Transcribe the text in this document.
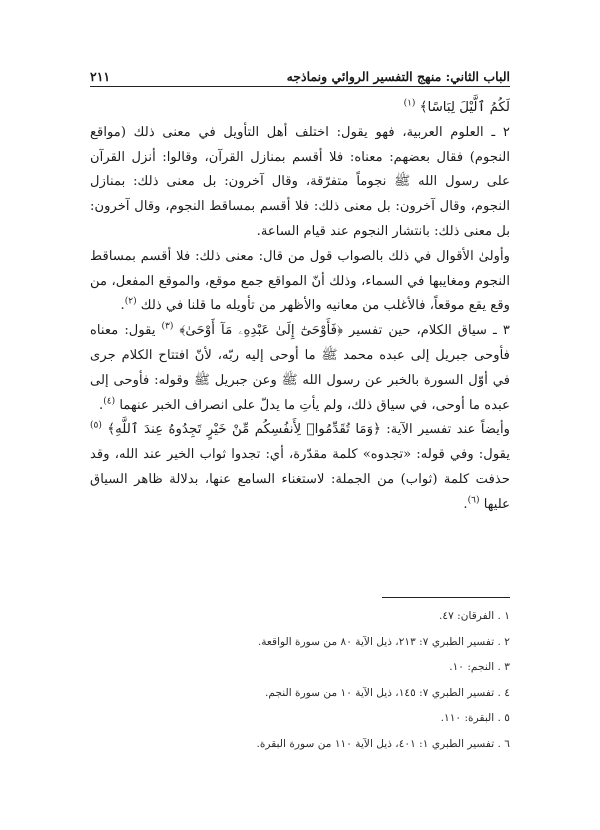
الباب الثاني: منهج التفسير الروائي ونماذجه
٢١١

لَكُمُ ٱلَّيْلَ لِبَاسًا﴾ $^{(١)}$

٢ ـ العلوم العربية، فهو يقول: اختلف أهل التأويل في معنى ذلك (مواقع النجوم) فقال بعضهم: معناه: فلا أقسم بمنازل القرآن، وقالوا: أنزل القرآن على رسول الله ﷺ نجوماً متفرّقة، وقال آخرون: بل معنى ذلك: بمنازل النجوم، وقال آخرون: بل معنى ذلك: فلا أقسم بمساقط النجوم، وقال آخرون: بل معنى ذلك: بانتشار النجوم عند قيام الساعة.

وأولىٰ الأقوال في ذلك بالصواب قول من قال: معنى ذلك: فلا أقسم بمساقط النجوم ومغايبها في السماء، وذلك أنّ المواقع جمع موقع، والموقع المفعل، من وقع يقع موقعاً، فالأغلب من معانيه والأظهر من تأويله ما قلنا في ذلك $^{(٢)}$.

٣ ـ سياق الكلام، حين تفسير ﴿فَأَوْحَىٰٓ إِلَىٰ عَبْدِهِۦ مَآ أَوْحَىٰ﴾ $^{(٣)}$ يقول: معناه فأوحى جبريل إلى عبده محمد ﷺ ما أوحى إليه ربّه، لأنّ افتتاح الكلام جرى في أوّل السورة بالخبر عن رسول الله ﷺ وعن جبريل ﷺ وقوله: فأوحى إلى عبده ما أوحى، في سياق ذلك، ولم يأتِ ما يدلّ على انصراف الخبر عنهما $^{(٤)}$.

وأيضاً عند تفسير الآية: ﴿وَمَا تُقَدِّمُوا۟ لِأَنفُسِكُم مِّنْ خَيْرٍ تَجِدُوهُ عِندَ ٱللَّهِ﴾ $^{(٥)}$ يقول: وفي قوله: «تجدوه» كلمة مقدّرة، أي: تجدوا ثواب الخير عند الله، وقد حذفت كلمة (ثواب) من الجملة: لاستغناء السامع عنها، بدلالة ظاهر السياق عليها $^{(٦)}$.

١ . الفرقان: ٤٧.
٢ . تفسير الطبري ٧: ٢١٣، ذيل الآية ٨٠ من سورة الواقعة.
٣ . النجم: ١٠.
٤ . تفسير الطبري ٧: ١٤٥، ذيل الآية ١٠ من سورة النجم.
٥ . البقرة: ١١٠.
٦ . تفسير الطبري ١: ٤٠١، ذيل الآية ١١٠ من سورة البقرة.
